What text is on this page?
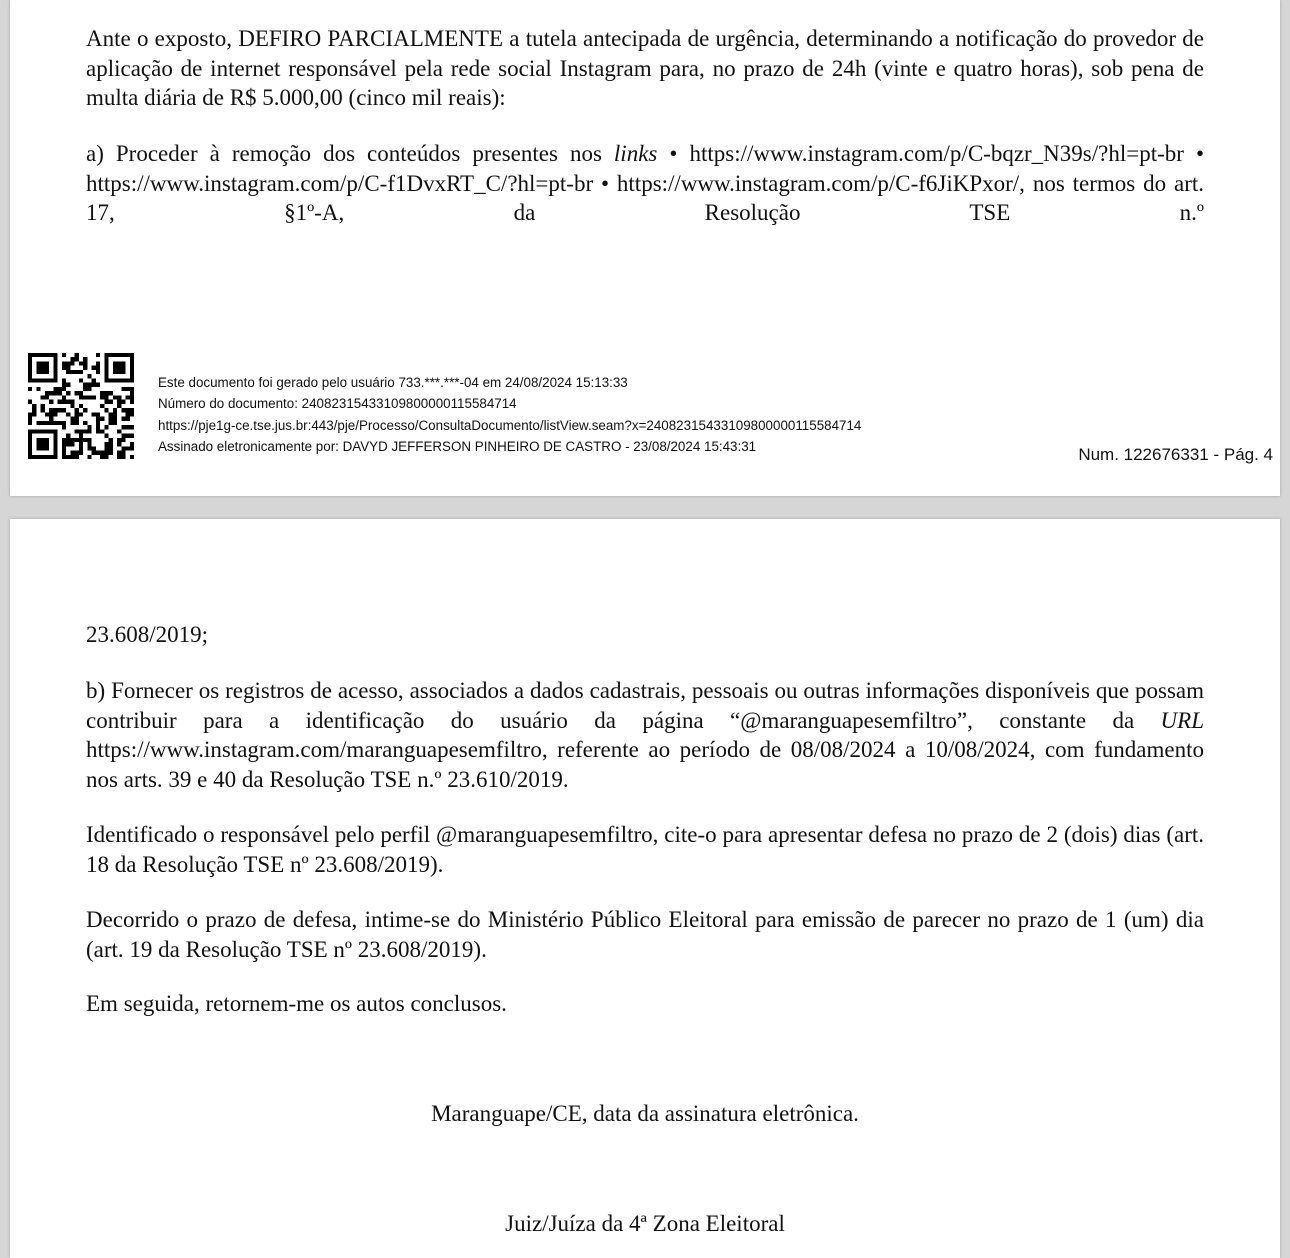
Ante o exposto, DEFIRO PARCIALMENTE a tutela antecipada de urgência, determinando a notificação do provedor de aplicação de internet responsável pela rede social Instagram para, no prazo de 24h (vinte e quatro horas), sob pena de multa diária de R$ 5.000,00 (cinco mil reais):

a) Proceder à remoção dos conteúdos presentes nos links • https://www.instagram.com/p/C-bqzr_N39s/?hl=pt-br • https://www.instagram.com/p/C-f1DvxRT_C/?hl=pt-br • https://www.instagram.com/p/C-f6JiKPxor/, nos termos do art. 17, §1º-A, da Resolução TSE n.º

Este documento foi gerado pelo usuário 733.***.***-04 em 24/08/2024 15:13:33
Número do documento: 24082315433109800000115584714
https://pje1g-ce.tse.jus.br:443/pje/Processo/ConsultaDocumento/listView.seam?x=24082315433109800000115584714
Assinado eletronicamente por: DAVYD JEFFERSON PINHEIRO DE CASTRO - 23/08/2024 15:43:31	Num. 122676331 - Pág. 4

23.608/2019;

b) Fornecer os registros de acesso, associados a dados cadastrais, pessoais ou outras informações disponíveis que possam contribuir para a identificação do usuário da página “@maranguapesemfiltro”, constante da URL https://www.instagram.com/maranguapesemfiltro, referente ao período de 08/08/2024 a 10/08/2024, com fundamento nos arts. 39 e 40 da Resolução TSE n.º 23.610/2019.

Identificado o responsável pelo perfil @maranguapesemfiltro, cite-o para apresentar defesa no prazo de 2 (dois) dias (art. 18 da Resolução TSE nº 23.608/2019).

Decorrido o prazo de defesa, intime-se do Ministério Público Eleitoral para emissão de parecer no prazo de 1 (um) dia (art. 19 da Resolução TSE nº 23.608/2019).

Em seguida, retornem-me os autos conclusos.

Maranguape/CE, data da assinatura eletrônica.

Juiz/Juíza da 4ª Zona Eleitoral
